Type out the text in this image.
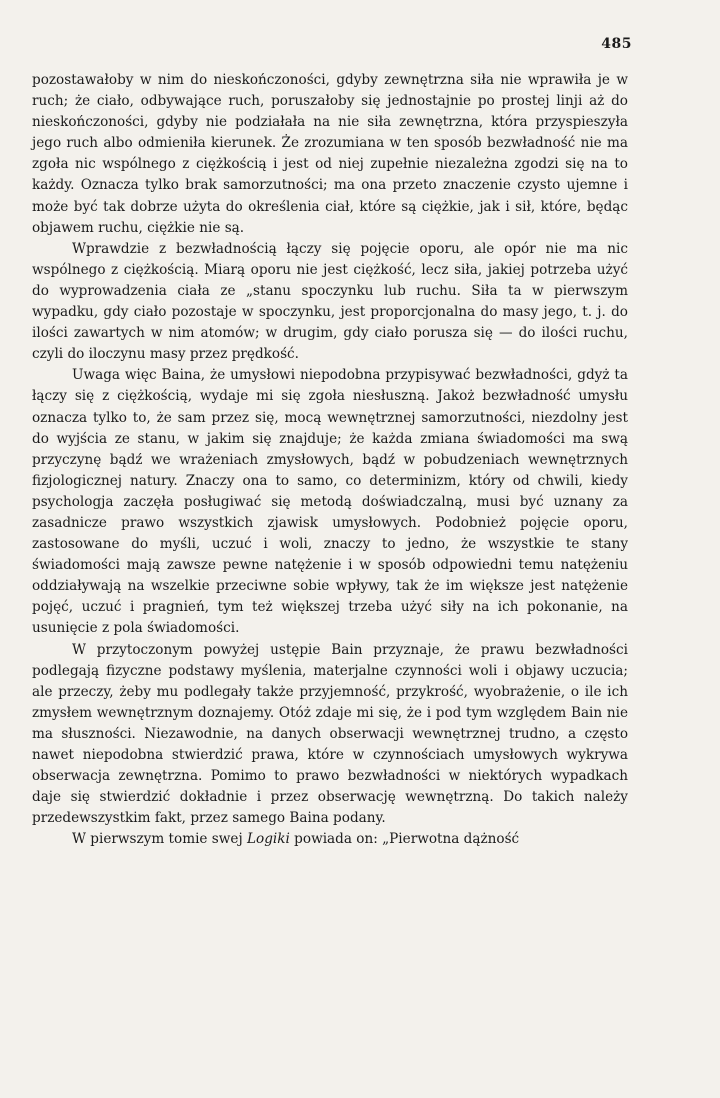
485

pozostawałoby w nim do nieskończoności, gdyby zewnętrzna siła nie wprawiła je w ruch; że ciało, odbywające ruch, poruszałoby się jednostajnie po prostej linji aż do nieskończoności, gdyby nie podziałała na nie siła zewnętrzna, która przyspieszyła jego ruch albo odmieniła kierunek. Że zrozumiana w ten sposób bezwładność nie ma zgoła nic wspólnego z ciężkością i jest od niej zupełnie niezależna zgodzi się na to każdy. Oznacza tylko brak samorzutności; ma ona przeto znaczenie czysto ujemne i może być tak dobrze użyta do określenia ciał, które są ciężkie, jak i sił, które, będąc objawem ruchu, ciężkie nie są.

Wprawdzie z bezwładnością łączy się pojęcie oporu, ale opór nie ma nic wspólnego z ciężkością. Miarą oporu nie jest ciężkość, lecz siła, jakiej potrzeba użyć do wyprowadzenia ciała ze „stanu spoczynku lub ruchu. Siła ta w pierwszym wypadku, gdy ciało pozostaje w spoczynku, jest proporcjonalna do masy jego, t. j. do ilości zawartych w nim atomów; w drugim, gdy ciało porusza się — do ilości ruchu, czyli do iloczynu masy przez prędkość.

Uwaga więc Baina, że umysłowi niepodobna przypisywać bezwładności, gdyż ta łączy się z ciężkością, wydaje mi się zgoła niesłuszną. Jakoż bezwładność umysłu oznacza tylko to, że sam przez się, mocą wewnętrznej samorzutności, niezdolny jest do wyjścia ze stanu, w jakim się znajduje; że każda zmiana świadomości ma swą przyczynę bądź we wrażeniach zmysłowych, bądź w pobudzeniach wewnętrznych fizjologicznej natury. Znaczy ona to samo, co determinizm, który od chwili, kiedy psychologja zaczęła posługiwać się metodą doświadczalną, musi być uznany za zasadnicze prawo wszystkich zjawisk umysłowych. Podobnież pojęcie oporu, zastosowane do myśli, uczuć i woli, znaczy to jedno, że wszystkie te stany świadomości mają zawsze pewne natężenie i w sposób odpowiedni temu natężeniu oddziaływają na wszelkie przeciwne sobie wpływy, tak że im większe jest natężenie pojęć, uczuć i pragnień, tym też większej trzeba użyć siły na ich pokonanie, na usunięcie z pola świadomości.

W przytoczonym powyżej ustępie Bain przyznaje, że prawu bezwładności podlegają fizyczne podstawy myślenia, materjalne czynności woli i objawy uczucia; ale przeczy, żeby mu podlegały także przyjemność, przykrość, wyobrażenie, o ile ich zmysłem wewnętrznym doznajemy. Otóż zdaje mi się, że i pod tym względem Bain nie ma słuszności. Niezawodnie, na danych obserwacji wewnętrznej trudno, a często nawet niepodobna stwierdzić prawa, które w czynnościach umysłowych wykrywa obserwacja zewnętrzna. Pomimo to prawo bezwładności w niektórych wypadkach daje się stwierdzić dokładnie i przez obserwację wewnętrzną. Do takich należy przedewszystkim fakt, przez samego Baina podany.

W pierwszym tomie swej Logiki powiada on: „Pierwotna dążność
